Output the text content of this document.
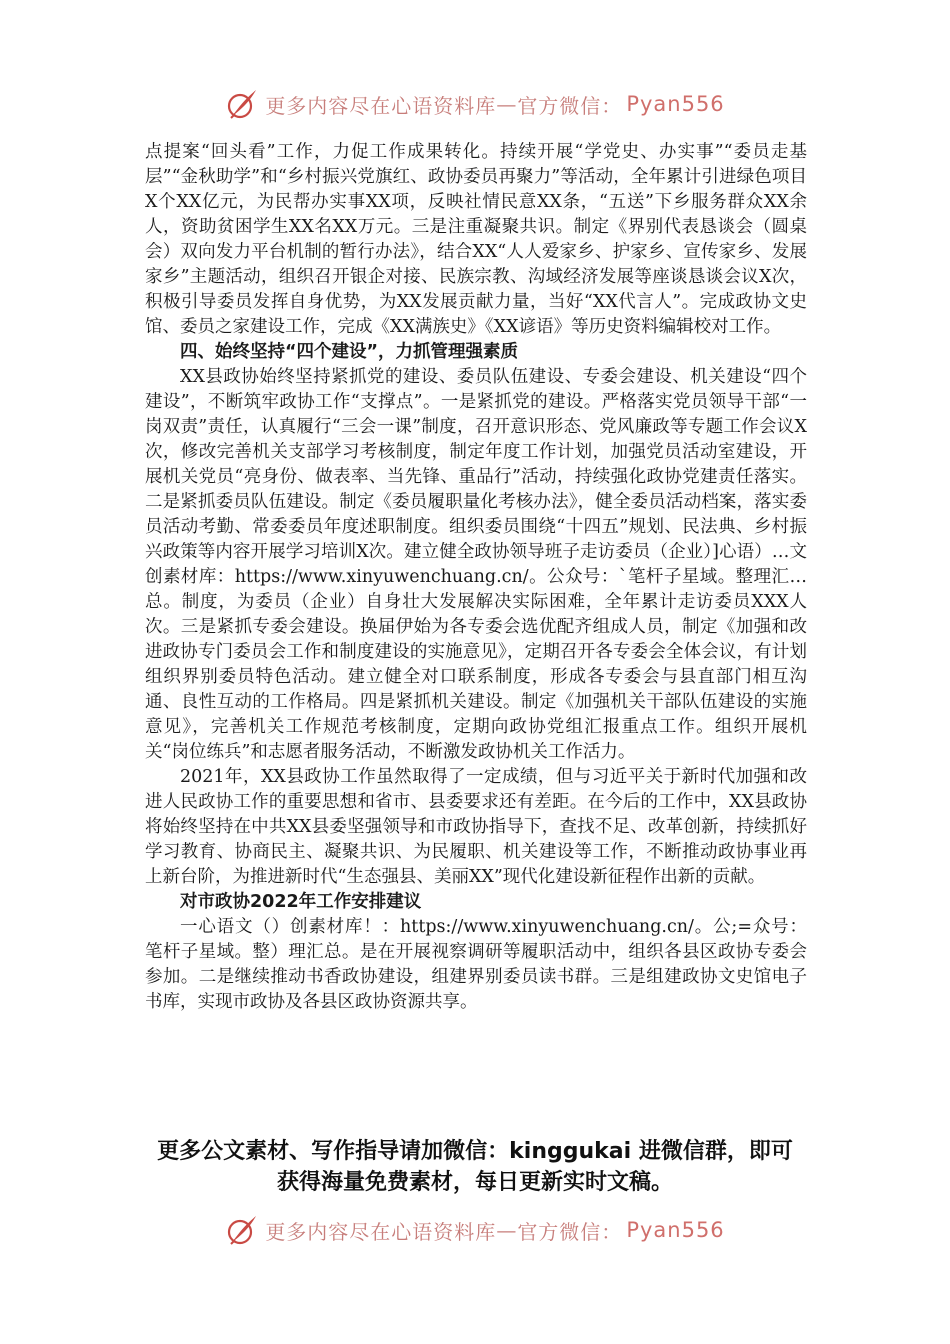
更多内容尽在心语资料库 — 官方微信： Pyan556

点提案“回头看”工作，力促工作成果转化。持续开展“学党史、办实事”“委员走基层”“金秋助学”和“乡村振兴党旗红、政协委员再聚力”等活动，全年累计引进绿色项目X个XX亿元，为民帮办实事XX项，反映社情民意XX条，“五送”下乡服务群众XX余人，资助贫困学生XX名XX万元。三是注重凝聚共识。制定《界别代表恳谈会（圆桌会）双向发力平台机制的暂行办法》，结合XX“人人爱家乡、护家乡、宣传家乡、发展家乡”主题活动，组织召开银企对接、民族宗教、沟域经济发展等座谈恳谈会议X次，积极引导委员发挥自身优势，为XX发展贡献力量，当好“XX代言人”。完成政协文史馆、委员之家建设工作，完成《XX满族史》《XX谚语》等历史资料编辑校对工作。

四、始终坚持“四个建设”，力抓管理强素质

XX县政协始终坚持紧抓党的建设、委员队伍建设、专委会建设、机关建设“四个建设”，不断筑牢政协工作“支撑点”。一是紧抓党的建设。严格落实党员领导干部“一岗双责”责任，认真履行“三会一课”制度，召开意识形态、党风廉政等专题工作会议X次，修改完善机关支部学习考核制度，制定年度工作计划，加强党员活动室建设，开展机关党员“亮身份、做表率、当先锋、重品行”活动，持续强化政协党建责任落实。二是紧抓委员队伍建设。制定《委员履职量化考核办法》，健全委员活动档案，落实委员活动考勤、常委委员年度述职制度。组织委员围绕“十四五”规划、民法典、乡村振兴政策等内容开展学习培训X次。建立健全政协领导班子走访委员（企业）]心语）…文创素材库：https://www.xinyuwenchuang.cn/。公众号：`笔杆子星域。整理汇…总。制度，为委员（企业）自身壮大发展解决实际困难，全年累计走访委员XXX人次。三是紧抓专委会建设。换届伊始为各专委会选优配齐组成人员，制定《加强和改进政协专门委员会工作和制度建设的实施意见》，定期召开各专委会全体会议，有计划组织界别委员特色活动。建立健全对口联系制度，形成各专委会与县直部门相互沟通、良性互动的工作格局。四是紧抓机关建设。制定《加强机关干部队伍建设的实施意见》，完善机关工作规范考核制度，定期向政协党组汇报重点工作。组织开展机关“岗位练兵”和志愿者服务活动，不断激发政协机关工作活力。

2021年，XX县政协工作虽然取得了一定成绩，但与习近平关于新时代加强和改进人民政协工作的重要思想和省市、县委要求还有差距。在今后的工作中，XX县政协将始终坚持在中共XX县委坚强领导和市政协指导下，查找不足、改革创新，持续抓好学习教育、协商民主、凝聚共识、为民履职、机关建设等工作，不断推动政协事业再上新台阶，为推进新时代“生态强县、美丽XX”现代化建设新征程作出新的贡献。

对市政协2022年工作安排建议

一心语文（）创素材库！：https://www.xinyuwenchuang.cn/。公;=众号：笔杆子星域。整）理汇总。是在开展视察调研等履职活动中，组织各县区政协专委会参加。二是继续推动书香政协建设，组建界别委员读书群。三是组建政协文史馆电子书库，实现市政协及各县区政协资源共享。

更多公文素材、写作指导请加微信：kinggukai 进微信群，即可
获得海量免费素材，每日更新实时文稿。
更多内容尽在心语资料库 — 官方微信： Pyan556
